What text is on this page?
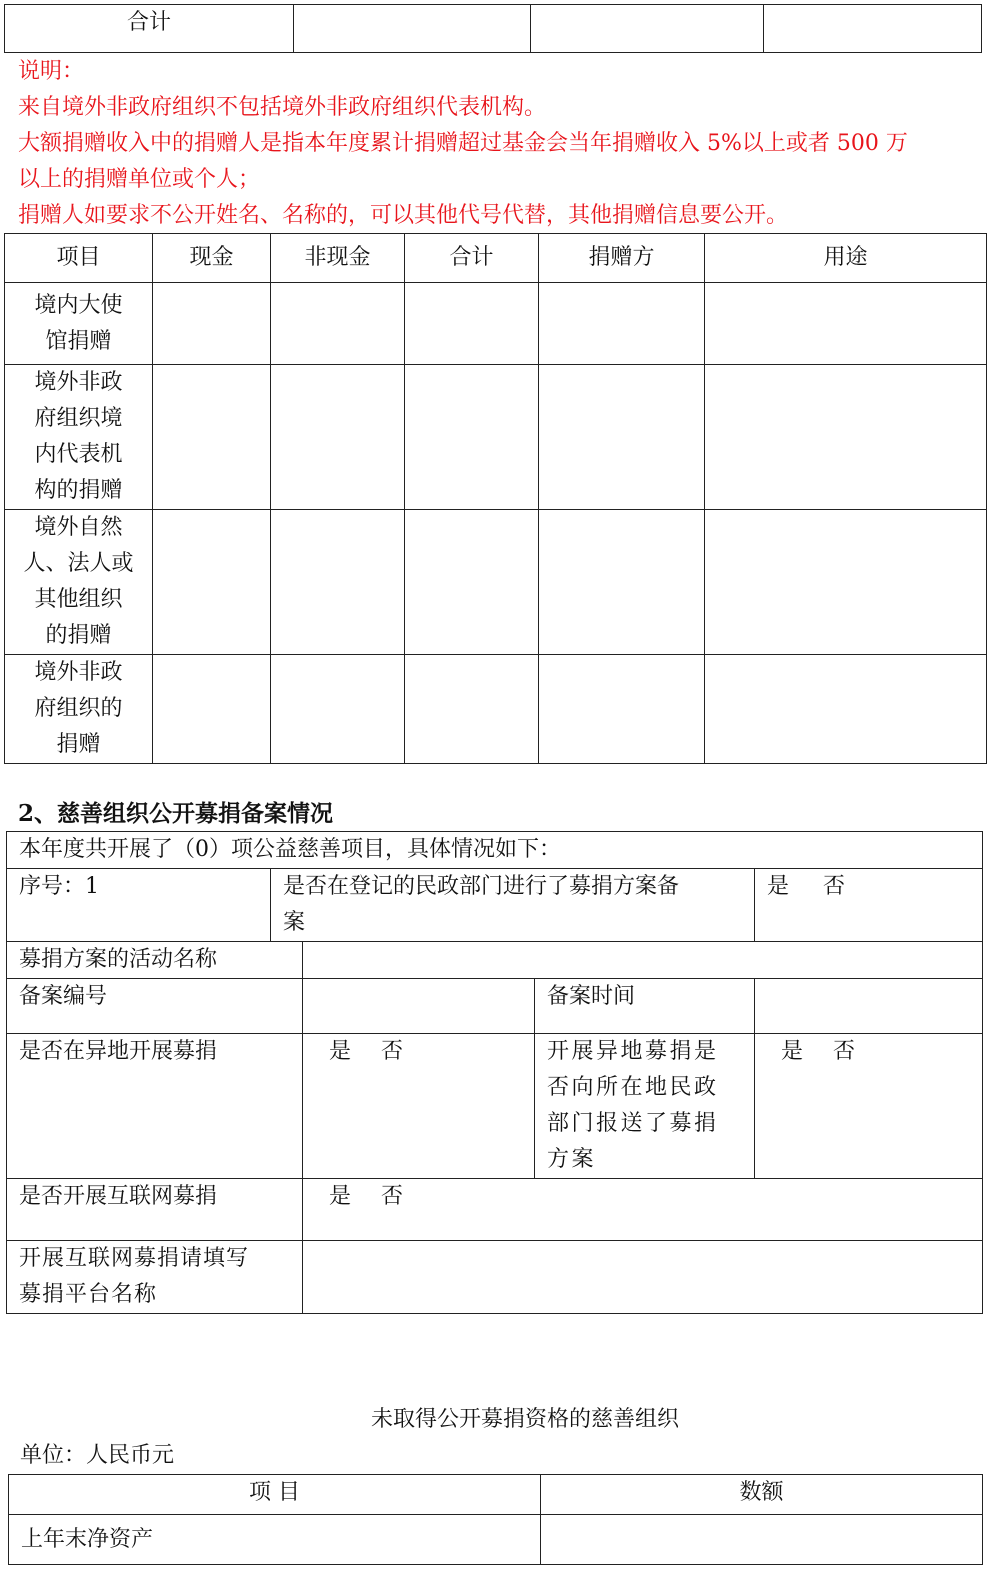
合计			
说明：
来自境外非政府组织不包括境外非政府组织代表机构。
大额捐赠收入中的捐赠人是指本年度累计捐赠超过基金会当年捐赠收入 5%以上或者 500 万
以上的捐赠单位或个人；
捐赠人如要求不公开姓名、名称的，可以其他代号代替，其他捐赠信息要公开。
项目	现金	非现金	合计	捐赠方	用途

境内大使
馆捐赠					

境外非政
府组织境
内代表机
构的捐赠					

境外自然
人、法人或
其他组织
的捐赠					

境外非政
府组织的
捐赠					

2、慈善组织公开募捐备案情况
本年度共开展了（0）项公益慈善项目，具体情况如下：				
序号：1	是否在登记的民政部门进行了募捐方案备
案			是 否
募捐方案的活动名称				
备案编号			备案时间	
是否在异地开展募捐		是 否	开展异地募捐是
否向所在地民政
部门报送了募捐
方案	是 否
是否开展互联网募捐		是 否		

开展互联网募捐请填写
募捐平台名称				

未取得公开募捐资格的慈善组织
单位：人民币元
项 目	数额
上年末净资产	
